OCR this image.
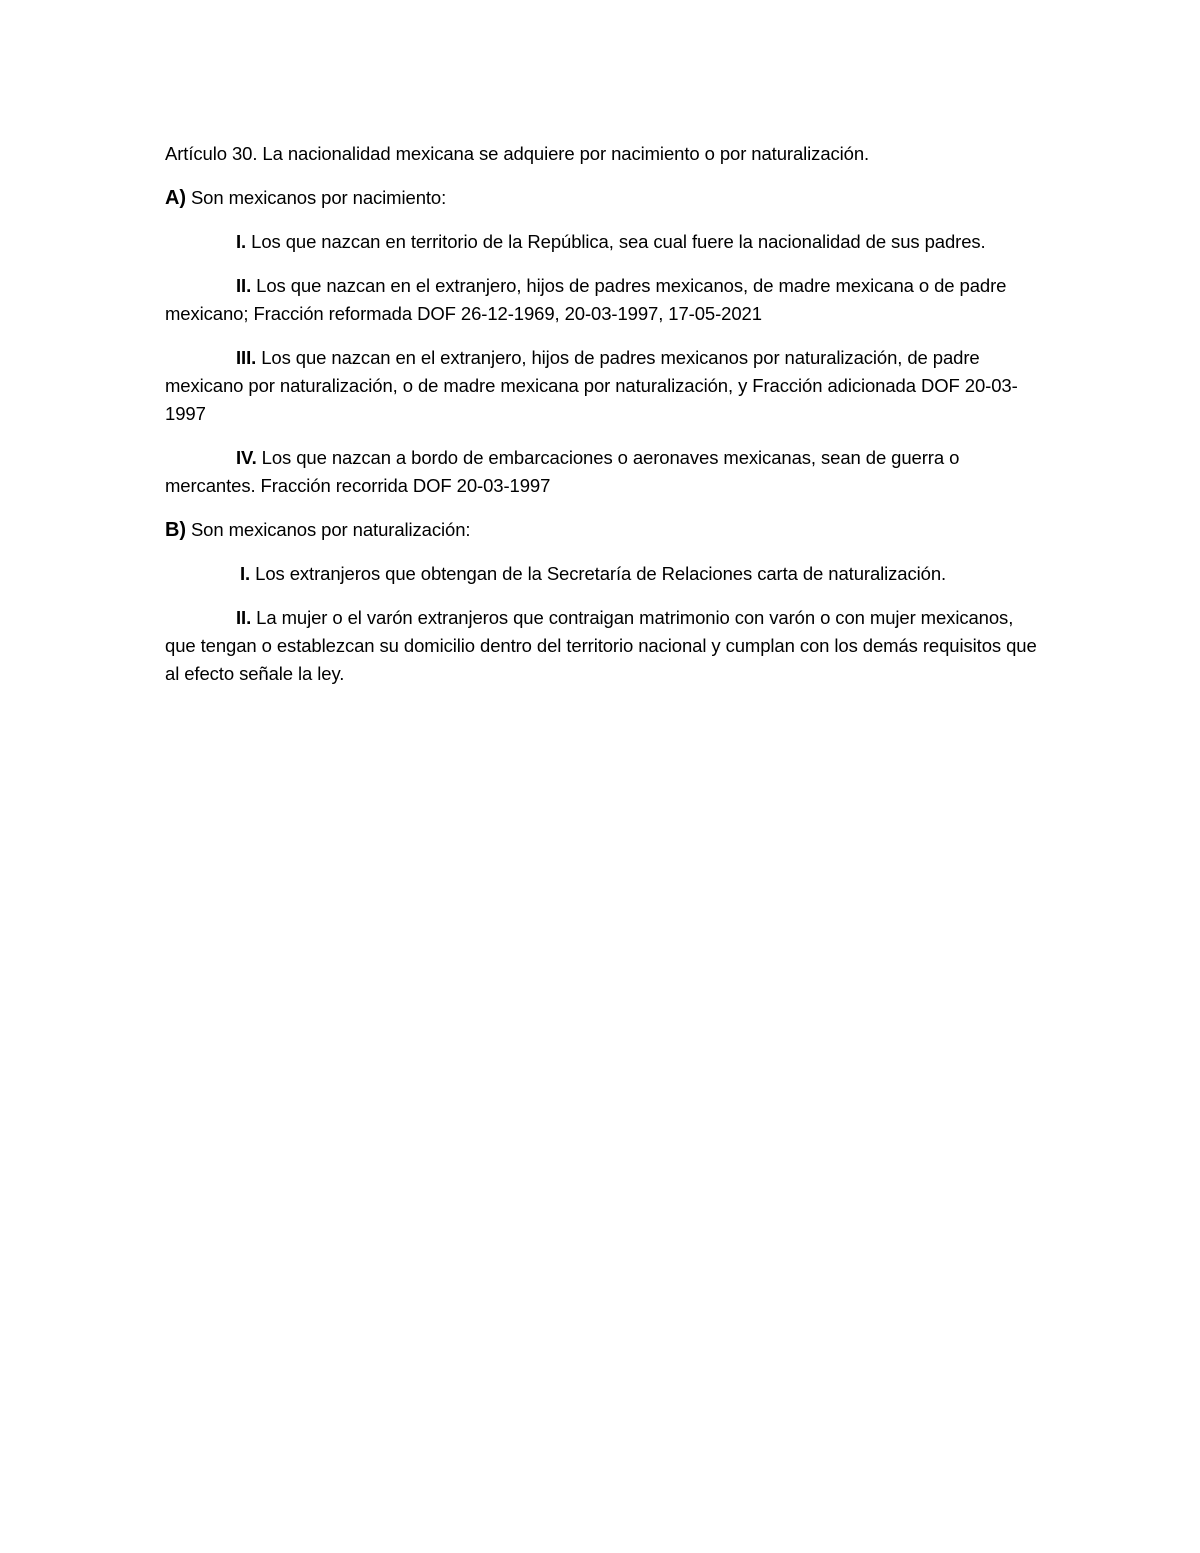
Artículo 30. La nacionalidad mexicana se adquiere por nacimiento o por naturalización.

A) Son mexicanos por nacimiento:

I. Los que nazcan en territorio de la República, sea cual fuere la nacionalidad de sus padres.

II. Los que nazcan en el extranjero, hijos de padres mexicanos, de madre mexicana o de padre mexicano; Fracción reformada DOF 26-12-1969, 20-03-1997, 17-05-2021

III. Los que nazcan en el extranjero, hijos de padres mexicanos por naturalización, de padre mexicano por naturalización, o de madre mexicana por naturalización, y Fracción adicionada DOF 20-03-1997

IV. Los que nazcan a bordo de embarcaciones o aeronaves mexicanas, sean de guerra o mercantes. Fracción recorrida DOF 20-03-1997

B) Son mexicanos por naturalización:

I. Los extranjeros que obtengan de la Secretaría de Relaciones carta de naturalización.

II. La mujer o el varón extranjeros que contraigan matrimonio con varón o con mujer mexicanos, que tengan o establezcan su domicilio dentro del territorio nacional y cumplan con los demás requisitos que al efecto señale la ley.
